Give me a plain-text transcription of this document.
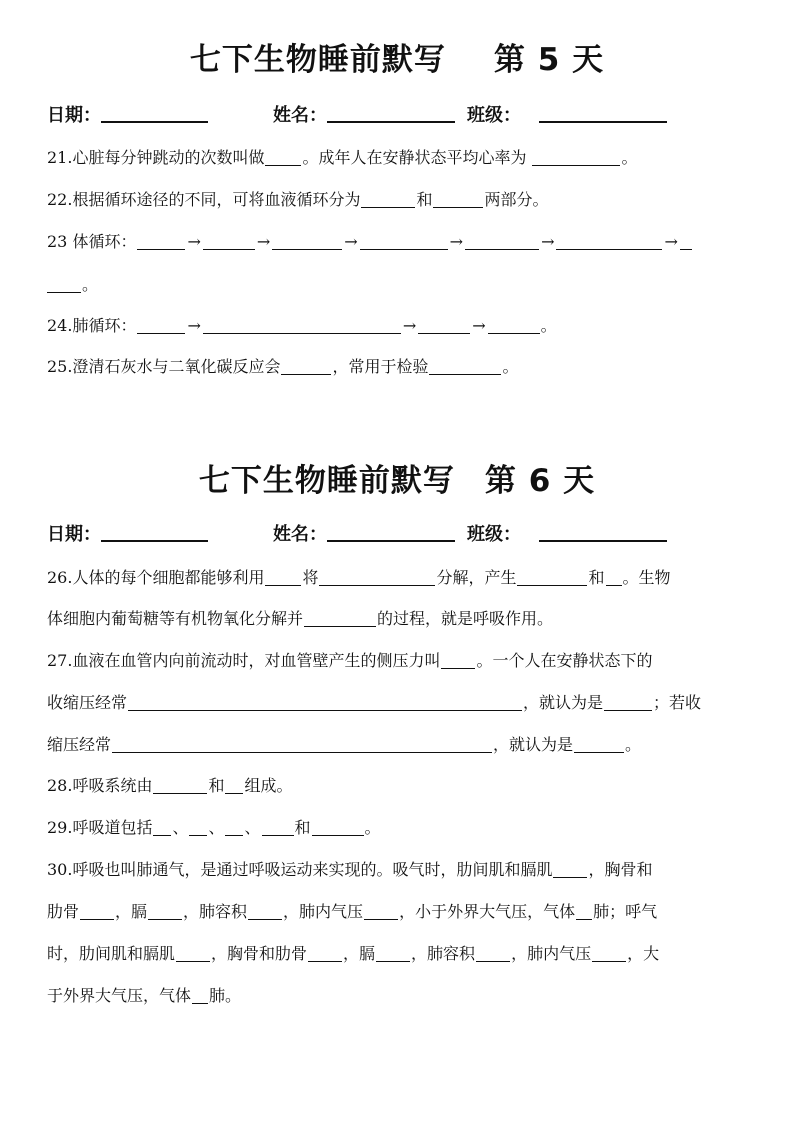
七下生物睡前默写 第 5 天
日期：	姓名：	班级：
21.心脏每分钟跳动的次数叫做 。成年人在安静状态平均心率为	。
22.根据循环途径的不同，可将血液循环分为	和	两部分。
23 体循环：	→	→	→	→	→	→
。
24.肺循环：	→	→	→	。
25.澄清石灰水与二氧化碳反应会	，常用于检验	。
七下生物睡前默写 第 6 天
日期：	姓名：	班级：
26.人体的每个细胞都能够利用 将	分解，产生	和 。生物
体细胞内葡萄糖等有机物氧化分解并	的过程，就是呼吸作用。
27.血液在血管内向前流动时，对血管壁产生的侧压力叫 。一个人在安静状态下的
收缩压经常	，就认为是	；若收
缩压经常	，就认为是	。
28.呼吸系统由	和 组成。
29.呼吸道包括 、 、 、 和	。
30.呼吸也叫肺通气，是通过呼吸运动来实现的。吸气时，肋间肌和膈肌 ，胸骨和
肋骨 ，膈 ，肺容积 ，肺内气压 ，小于外界大气压，气体 肺；呼气
时，肋间肌和膈肌 ，胸骨和肋骨 ，膈 ，肺容积 ，肺内气压 ，大
于外界大气压，气体 肺。
